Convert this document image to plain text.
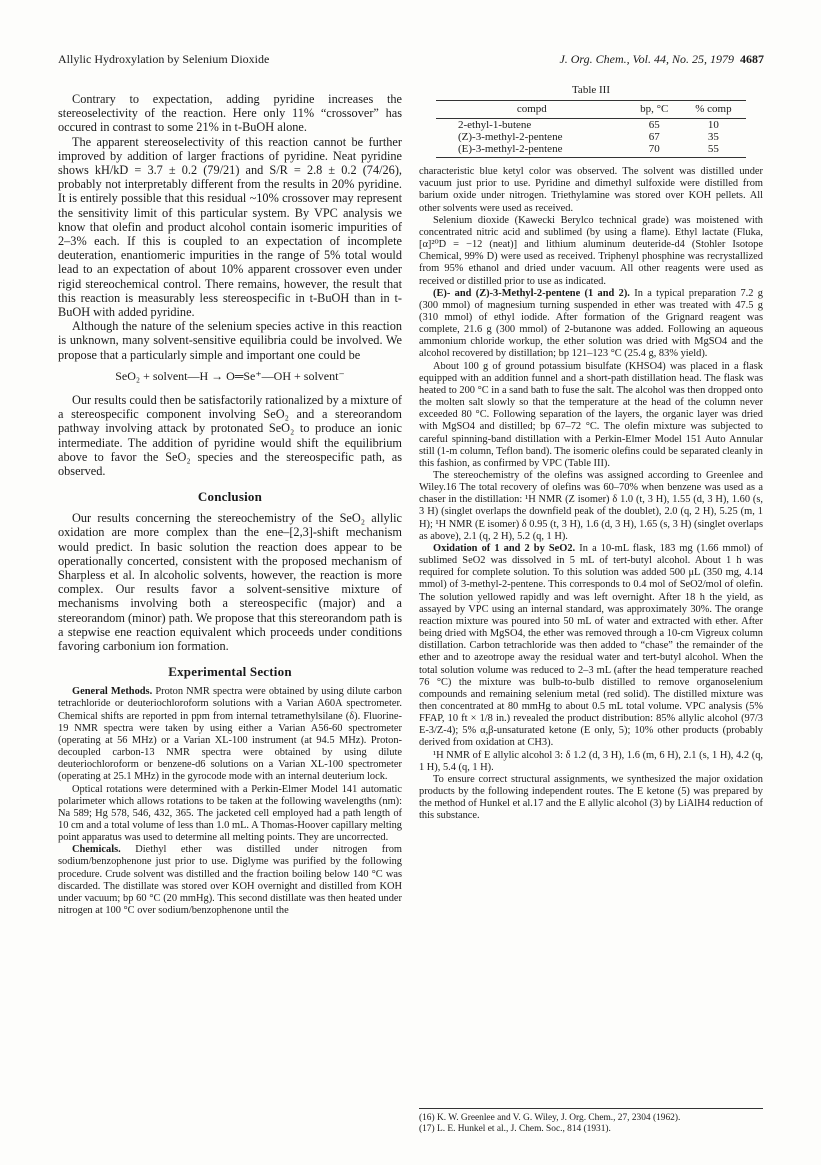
Allylic Hydroxylation by Selenium Dioxide	J. Org. Chem., Vol. 44, No. 25, 1979 4687

Contrary to expectation, adding pyridine increases the stereoselectivity of the reaction. Here only 11% “crossover” has occured in contrast to some 21% in t-BuOH alone.

The apparent stereoselectivity of this reaction cannot be further improved by addition of larger fractions of pyridine. Neat pyridine shows kH/kD = 3.7 ± 0.2 (79/21) and S/R = 2.8 ± 0.2 (74/26), probably not interpretably different from the results in 20% pyridine. It is entirely possible that this residual ~10% crossover may represent the sensitivity limit of this particular system. By VPC analysis we know that olefin and product alcohol contain isomeric impurities of 2–3% each. If this is coupled to an expectation of incomplete deuteration, enantiomeric impurities in the range of 5% total would lead to an expectation of about 10% apparent crossover even under rigid stereochemical control. There remains, however, the result that this reaction is measurably less stereospecific in t-BuOH than in t-BuOH with added pyridine.

Although the nature of the selenium species active in this reaction is unknown, many solvent-sensitive equilibria could be involved. We propose that a particularly simple and important one could be

SeO₂ + solvent—H → O═Se⁺—OH + solvent⁻

Our results could then be satisfactorily rationalized by a mixture of a stereospecific component involving SeO₂ and a stereorandom pathway involving attack by protonated SeO₂ to produce an ionic intermediate. The addition of pyridine would shift the equilibrium above to favor the SeO₂ species and the stereospecific path, as observed.

Conclusion

Our results concerning the stereochemistry of the SeO₂ allylic oxidation are more complex than the ene–[2,3]-shift mechanism would predict. In basic solution the reaction does appear to be operationally concerted, consistent with the proposed mechanism of Sharpless et al. In alcoholic solvents, however, the reaction is more complex. Our results favor a solvent-sensitive mixture of mechanisms involving both a stereospecific (major) and a stereorandom (minor) path. We propose that this stereorandom path is a stepwise ene reaction equivalent which proceeds under conditions favoring carbonium ion formation.

Experimental Section

General Methods. Proton NMR spectra were obtained by using dilute carbon tetrachloride or deuteriochloroform solutions with a Varian A60A spectrometer. Chemical shifts are reported in ppm from internal tetramethylsilane (δ). Fluorine-19 NMR spectra were taken by using either a Varian A56-60 spectrometer (operating at 56 MHz) or a Varian XL-100 instrument (at 94.5 MHz). Proton-decoupled carbon-13 NMR spectra were obtained by using dilute deuteriochloroform or benzene-d6 solutions on a Varian XL-100 spectrometer (operating at 25.1 MHz) in the gyrocode mode with an internal deuterium lock.

Optical rotations were determined with a Perkin-Elmer Model 141 automatic polarimeter which allows rotations to be taken at the following wavelengths (nm): Na 589; Hg 578, 546, 432, 365. The jacketed cell employed had a path length of 10 cm and a total volume of less than 1.0 mL. A Thomas-Hoover capillary melting point apparatus was used to determine all melting points. They are uncorrected.

Chemicals. Diethyl ether was distilled under nitrogen from sodium/benzophenone just prior to use. Diglyme was purified by the following procedure. Crude solvent was distilled and the fraction boiling below 140 °C was discarded. The distillate was stored over KOH overnight and distilled from KOH under vacuum; bp 60 °C (20 mmHg). This second distillate was then heated under nitrogen at 100 °C over sodium/benzophenone until the

Table III
compd	bp, °C	% comp
2-ethyl-1-butene	65	10
(Z)-3-methyl-2-pentene	67	35
(E)-3-methyl-2-pentene	70	55

characteristic blue ketyl color was observed. The solvent was distilled under vacuum just prior to use. Pyridine and dimethyl sulfoxide were distilled from barium oxide under nitrogen. Triethylamine was stored over KOH pellets. All other solvents were used as received.

Selenium dioxide (Kawecki Berylco technical grade) was moistened with concentrated nitric acid and sublimed (by using a flame). Ethyl lactate (Fluka, [α]²⁰D = −12 (neat)] and lithium aluminum deuteride-d4 (Stohler Isotope Chemical, 99% D) were used as received. Triphenyl phosphine was recrystallized from 95% ethanol and dried under vacuum. All other reagents were used as received or distilled prior to use as indicated.

(E)- and (Z)-3-Methyl-2-pentene (1 and 2). In a typical preparation 7.2 g (300 mmol) of magnesium turning suspended in ether was treated with 47.5 g (310 mmol) of ethyl iodide. After formation of the Grignard reagent was complete, 21.6 g (300 mmol) of 2-butanone was added. Following an aqueous ammonium chloride workup, the ether solution was dried with MgSO4 and the alcohol recovered by distillation; bp 121–123 °C (25.4 g, 83% yield).

About 100 g of ground potassium bisulfate (KHSO4) was placed in a flask equipped with an addition funnel and a short-path distillation head. The flask was heated to 200 °C in a sand bath to fuse the salt. The alcohol was then dropped onto the molten salt slowly so that the temperature at the head of the column never exceeded 80 °C. Following separation of the layers, the organic layer was dried with MgSO4 and distilled; bp 67–72 °C. The olefin mixture was subjected to careful spinning-band distillation with a Perkin-Elmer Model 151 Auto Annular still (1-m column, Teflon band). The isomeric olefins could be separated cleanly in this fashion, as confirmed by VPC (Table III).

The stereochemistry of the olefins was assigned according to Greenlee and Wiley.16 The total recovery of olefins was 60–70% when benzene was used as a chaser in the distillation: ¹H NMR (Z isomer) δ 1.0 (t, 3 H), 1.55 (d, 3 H), 1.60 (s, 3 H) (singlet overlaps the downfield peak of the doublet), 2.0 (q, 2 H), 5.25 (m, 1 H); ¹H NMR (E isomer) δ 0.95 (t, 3 H), 1.6 (d, 3 H), 1.65 (s, 3 H) (singlet overlaps as above), 2.1 (q, 2 H), 5.2 (q, 1 H).

Oxidation of 1 and 2 by SeO2. In a 10-mL flask, 183 mg (1.66 mmol) of sublimed SeO2 was dissolved in 5 mL of tert-butyl alcohol. About 1 h was required for complete solution. To this solution was added 500 μL (350 mg, 4.14 mmol) of 3-methyl-2-pentene. This corresponds to 0.4 mol of SeO2/mol of olefin. The solution yellowed rapidly and was left overnight. After 18 h the yield, as assayed by VPC using an internal standard, was approximately 30%. The orange reaction mixture was poured into 50 mL of water and extracted with ether. After being dried with MgSO4, the ether was removed through a 10-cm Vigreux column distillation. Carbon tetrachloride was then added to “chase” the remainder of the ether and to azeotrope away the residual water and tert-butyl alcohol. When the total solution volume was reduced to 2–3 mL (after the head temperature reached 76 °C) the mixture was bulb-to-bulb distilled to remove organoselenium compounds and remaining selenium metal (red solid). The distilled mixture was then concentrated at 80 mmHg to about 0.5 mL total volume. VPC analysis (5% FFAP, 10 ft × 1/8 in.) revealed the product distribution: 85% allylic alcohol (97/3 E-3/Z-4); 5% α,β-unsaturated ketone (E only, 5); 10% other products (probably derived from oxidation at CH3).

¹H NMR of E allylic alcohol 3: δ 1.2 (d, 3 H), 1.6 (m, 6 H), 2.1 (s, 1 H), 4.2 (q, 1 H), 5.4 (q, 1 H).

To ensure correct structural assignments, we synthesized the major oxidation products by the following independent routes. The E ketone (5) was prepared by the method of Hunkel et al.17 and the E allylic alcohol (3) by LiAlH4 reduction of this substance.

(16) K. W. Greenlee and V. G. Wiley, J. Org. Chem., 27, 2304 (1962).
(17) L. E. Hunkel et al., J. Chem. Soc., 814 (1931).
